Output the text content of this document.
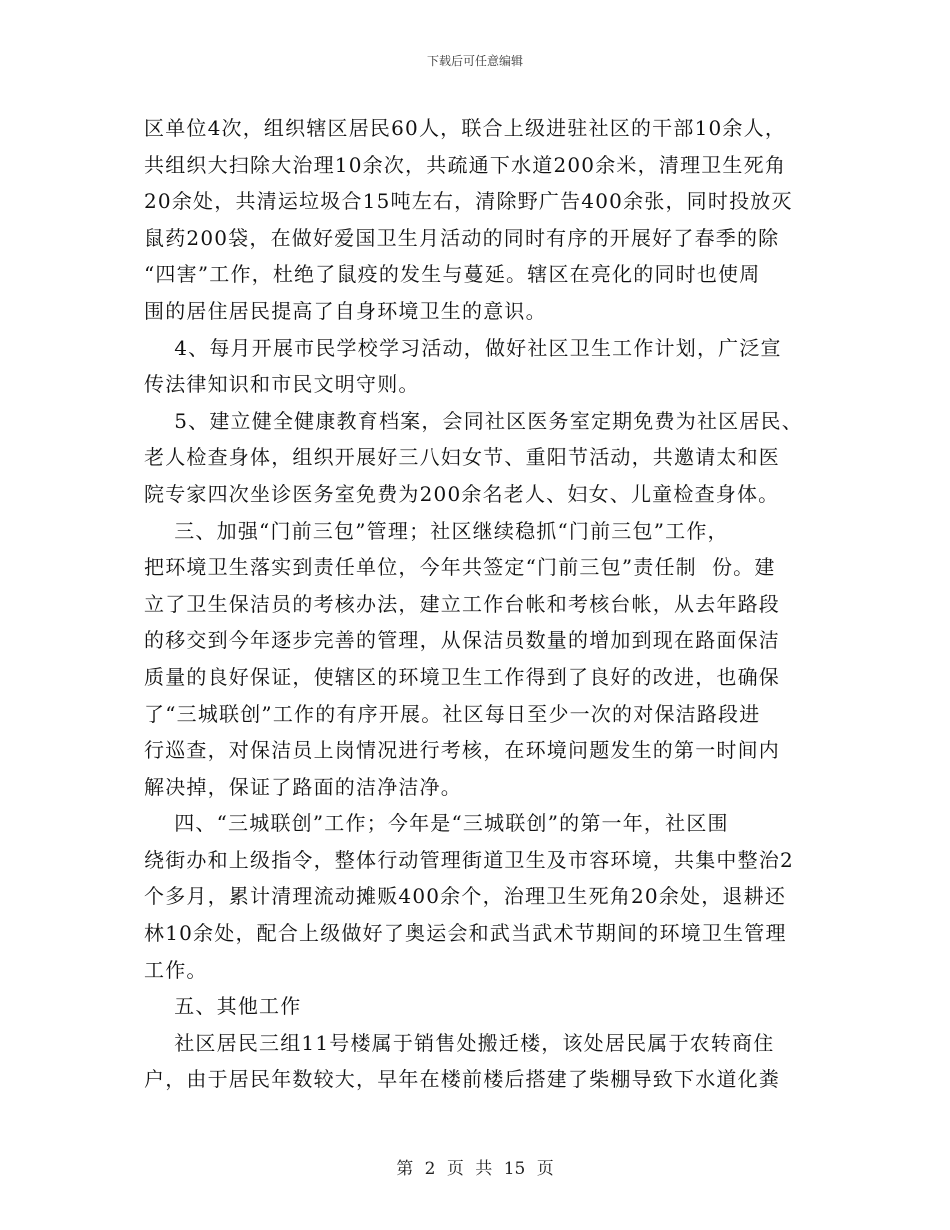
下载后可任意编辑
区单位4次，组织辖区居民60人，联合上级进驻社区的干部10余人，
共组织大扫除大治理10余次，共疏通下水道200余米，清理卫生死角
20余处，共清运垃圾合15吨左右，清除野广告400余张，同时投放灭
鼠药200袋，在做好爱国卫生月活动的同时有序的开展好了春季的除
“四害”工作，杜绝了鼠疫的发生与蔓延。辖区在亮化的同时也使周
围的居住居民提高了自身环境卫生的意识。
4、每月开展市民学校学习活动，做好社区卫生工作计划，广泛宣
传法律知识和市民文明守则。
5、建立健全健康教育档案，会同社区医务室定期免费为社区居民、
老人检查身体，组织开展好三八妇女节、重阳节活动，共邀请太和医
院专家四次坐诊医务室免费为200余名老人、妇女、儿童检查身体。
三、加强“门前三包”管理；社区继续稳抓“门前三包”工作，
把环境卫生落实到责任单位，今年共签定“门前三包”责任制  份。建
立了卫生保洁员的考核办法，建立工作台帐和考核台帐，从去年路段
的移交到今年逐步完善的管理，从保洁员数量的增加到现在路面保洁
质量的良好保证，使辖区的环境卫生工作得到了良好的改进，也确保
了“三城联创”工作的有序开展。社区每日至少一次的对保洁路段进
行巡查，对保洁员上岗情况进行考核，在环境问题发生的第一时间内
解决掉，保证了路面的洁净洁净。
四、“三城联创”工作；今年是“三城联创”的第一年，社区围
绕街办和上级指令，整体行动管理街道卫生及市容环境，共集中整治2
个多月，累计清理流动摊贩400余个，治理卫生死角20余处，退耕还
林10余处，配合上级做好了奥运会和武当武术节期间的环境卫生管理
工作。
五、其他工作
社区居民三组11号楼属于销售处搬迁楼，该处居民属于农转商住
户，由于居民年数较大，早年在楼前楼后搭建了柴棚导致下水道化粪
第 2 页 共 15 页
